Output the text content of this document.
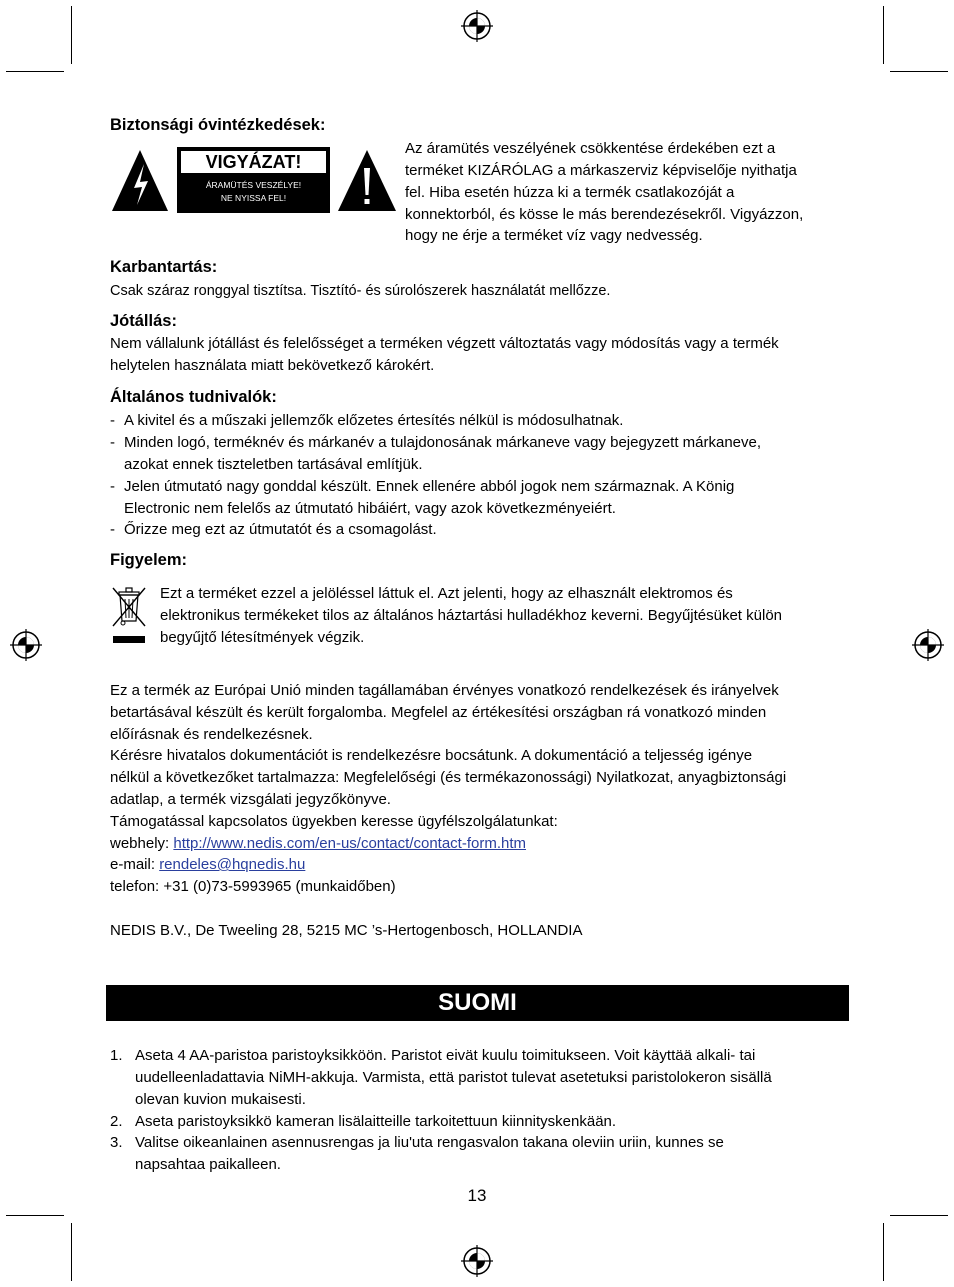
Biztonsági óvintézkedések:
VIGYÁZAT!
ÁRAMÜTÉS VESZÉLYE!
NE NYISSA FEL!

Az áramütés veszélyének csökkentése érdekében ezt a

terméket KIZÁRÓLAG a márkaszerviz képviselője nyithatja

fel. Hiba esetén húzza ki a termék csatlakozóját a

konnektorból, és kösse le más berendezésekről. Vigyázzon,

hogy ne érje a terméket víz vagy nedvesség.

Karbantartás:

Csak száraz ronggyal tisztítsa. Tisztító- és súrolószerek használatát mellőzze.

Jótállás:

Nem vállalunk jótállást és felelősséget a terméken végzett változtatás vagy módosítás vagy a termék

helytelen használata miatt bekövetkező károkért.

Általános tudnivalók:
- A kivitel és a műszaki jellemzők előzetes értesítés nélkül is módosulhatnak.
- Minden logó, terméknév és márkanév a tulajdonosának márkaneve vagy bejegyzett márkaneve,
azokat ennek tiszteletben tartásával említjük.
- Jelen útmutató nagy gonddal készült. Ennek ellenére abból jogok nem származnak. A König
Electronic nem felelős az útmutató hibáiért, vagy azok következményeiért.
- Őrizze meg ezt az útmutatót és a csomagolást.
Figyelem:

Ezt a terméket ezzel a jelöléssel láttuk el. Azt jelenti, hogy az elhasznált elektromos és

elektronikus termékeket tilos az általános háztartási hulladékhoz keverni. Begyűjtésüket külön

begyűjtő létesítmények végzik.

Ez a termék az Európai Unió minden tagállamában érvényes vonatkozó rendelkezések és irányelvek

betartásával készült és került forgalomba. Megfelel az értékesítési országban rá vonatkozó minden

előírásnak és rendelkezésnek.

Kérésre hivatalos dokumentációt is rendelkezésre bocsátunk. A dokumentáció a teljesség igénye

nélkül a következőket tartalmazza: Megfelelőségi (és termékazonossági) Nyilatkozat, anyagbiztonsági

adatlap, a termék vizsgálati jegyzőkönyve.

Támogatással kapcsolatos ügyekben keresse ügyfélszolgálatunkat:

webhely: http://www.nedis.com/en-us/contact/contact-form.htm

e-mail: rendeles@hqnedis.hu

telefon: +31 (0)73-5993965 (munkaidőben)

NEDIS B.V., De Tweeling 28, 5215 MC ’s-Hertogenbosch, HOLLANDIA

SUOMI
1. Aseta 4 AA-paristoa paristoyksikköön. Paristot eivät kuulu toimitukseen. Voit käyttää alkali- tai
uudelleenladattavia NiMH-akkuja. Varmista, että paristot tulevat asetetuksi paristolokeron sisällä
olevan kuvion mukaisesti.
2. Aseta paristoyksikkö kameran lisälaitteille tarkoitettuun kiinnityskenkään.
3. Valitse oikeanlainen asennusrengas ja liu'uta rengasvalon takana oleviin uriin, kunnes se
napsahtaa paikalleen.
13
